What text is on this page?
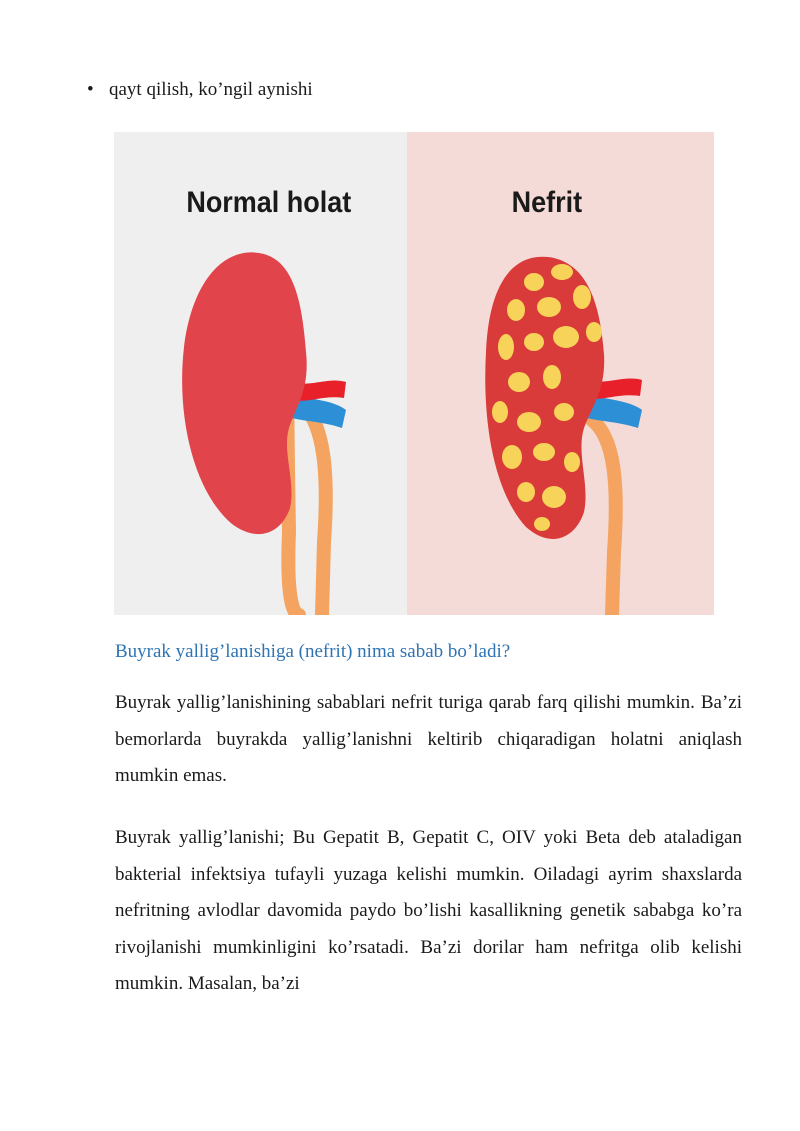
• qayt qilish, ko’ngil aynishi
Normal holat	Nefrit
Buyrak yallig’lanishiga (nefrit) nima sabab bo’ladi?

Buyrak yallig’lanishining sabablari nefrit turiga qarab farq qilishi mumkin. Ba’zi bemorlarda buyrakda yallig’lanishni keltirib chiqaradigan holatni aniqlash mumkin emas.

Buyrak yallig’lanishi; Bu Gepatit B, Gepatit C, OIV yoki Beta deb ataladigan bakterial infektsiya tufayli yuzaga kelishi mumkin. Oiladagi ayrim shaxslarda nefritning avlodlar davomida paydo bo’lishi kasallikning genetik sababga ko’ra rivojlanishi mumkinligini ko’rsatadi. Ba’zi dorilar ham nefritga olib kelishi mumkin. Masalan, ba’zi
